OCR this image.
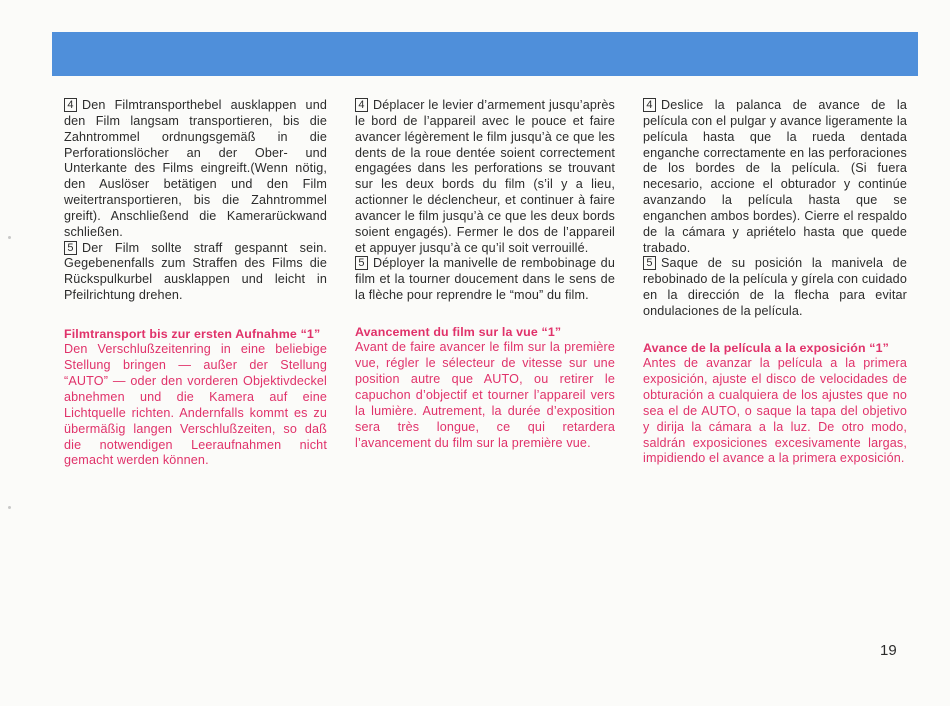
4 Den Filmtransporthebel ausklappen und den Film langsam transportieren, bis die Zahntrommel ordnungsgemäß in die Perforationslöcher an der Ober- und Unterkante des Films eingreift.(Wenn nötig, den Auslöser betätigen und den Film weitertransportieren, bis die Zahntrommel greift). Anschließend die Kamerarückwand schließen.

5 Der Film sollte straff gespannt sein. Gegebenenfalls zum Straffen des Films die Rückspulkurbel ausklappen und leicht in Pfeilrichtung drehen.

Filmtransport bis zur ersten Aufnahme “1”

Den Verschlußzeitenring in eine beliebige Stellung bringen — außer der Stellung “AUTO” — oder den vorderen Objektivdeckel abnehmen und die Kamera auf eine Lichtquelle richten. Andernfalls kommt es zu übermäßig langen Verschlußzeiten, so daß die notwendigen Leeraufnahmen nicht gemacht werden können.

4 Déplacer le levier d’armement jusqu’après le bord de l’appareil avec le pouce et faire avancer légèrement le film jusqu’à ce que les dents de la roue dentée soient correctement engagées dans les perforations se trouvant sur les deux bords du film (s’il y a lieu, actionner le déclencheur, et continuer à faire avancer le film jusqu’à ce que les deux bords soient engagés). Fermer le dos de l’appareil et appuyer jusqu’à ce qu’il soit verrouillé.

5 Déployer la manivelle de rembobinage du film et la tourner doucement dans le sens de la flèche pour reprendre le “mou” du film.

Avancement du film sur la vue “1”

Avant de faire avancer le film sur la première vue, régler le sélecteur de vitesse sur une position autre que AUTO, ou retirer le capuchon d’objectif et tourner l’appareil vers la lumière. Autrement, la durée d’exposition sera très longue, ce qui retardera l’avancement du film sur la première vue.

4 Deslice la palanca de avance de la película con el pulgar y avance ligeramente la película hasta que la rueda dentada enganche correctamente en las perforaciones de los bordes de la película. (Si fuera necesario, accione el obturador y continúe avanzando la película hasta que se enganchen ambos bordes). Cierre el respaldo de la cámara y apriételo hasta que quede trabado.

5 Saque de su posición la manivela de rebobinado de la película y gírela con cuidado en la dirección de la flecha para evitar ondulaciones de la película.

Avance de la película a la exposición “1”

Antes de avanzar la película a la primera exposición, ajuste el disco de velocidades de obturación a cualquiera de los ajustes que no sea el de AUTO, o saque la tapa del objetivo y dirija la cámara a la luz. De otro modo, saldrán exposiciones excesivamente largas, impidiendo el avance a la primera exposición.

19
